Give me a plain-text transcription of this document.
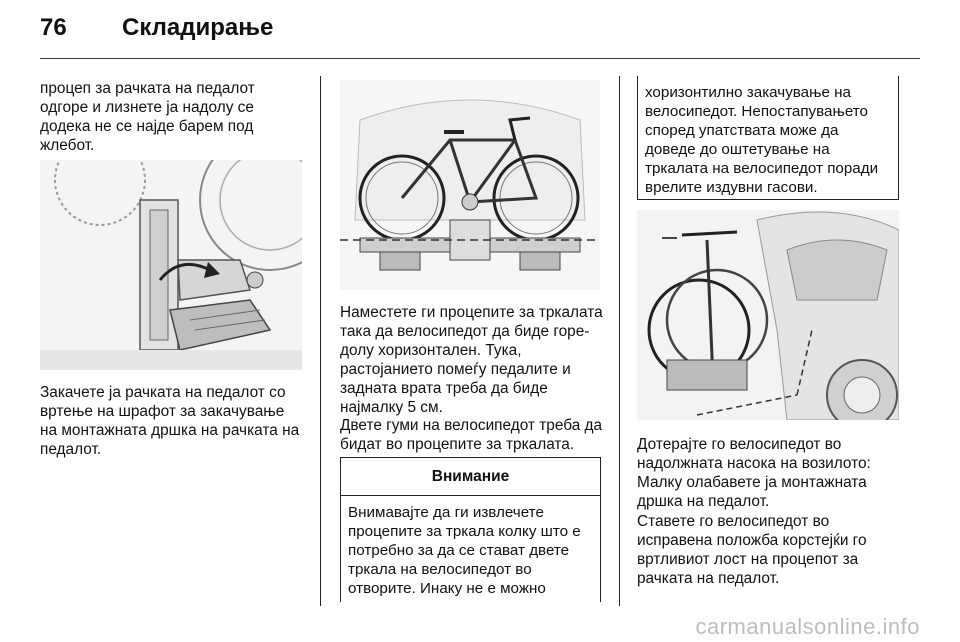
76 Складирање
процеп за рачката на педалот одгоре и лизнете ја надолу се додека не се најде барем под жлебот.
Закачете ја рачката на педалот со вртење на шрафот за закачување на монтажната дршка на рачката на педалот.
Наместете ги процепите за тркалата така да велосипедот да биде горе-долу хоризонтален. Тука, растојанието помеѓу педалите и задната врата треба да биде најмалку 5 см.
Двете гуми на велосипедот треба да бидат во процепите за тркалата.
Внимание
Внимавајте да ги извлечете процепите за тркала колку што е потребно за да се стават двете тркала на велосипедот во отворите. Инаку не е можно
хоризонтилно закачување на велосипедот. Непостапувањето според упатствата може да доведе до оштетување на тркалата на велосипедот поради врелите издувни гасови.
Дотерајте го велосипедот во надолжната насока на возилото: Малку олабавете ја монтажната дршка на педалот.
Ставете го велосипедот во исправена положба корстејќи го вртливиот лост на процепот за рачката на педалот.
carmanualsonline.info
